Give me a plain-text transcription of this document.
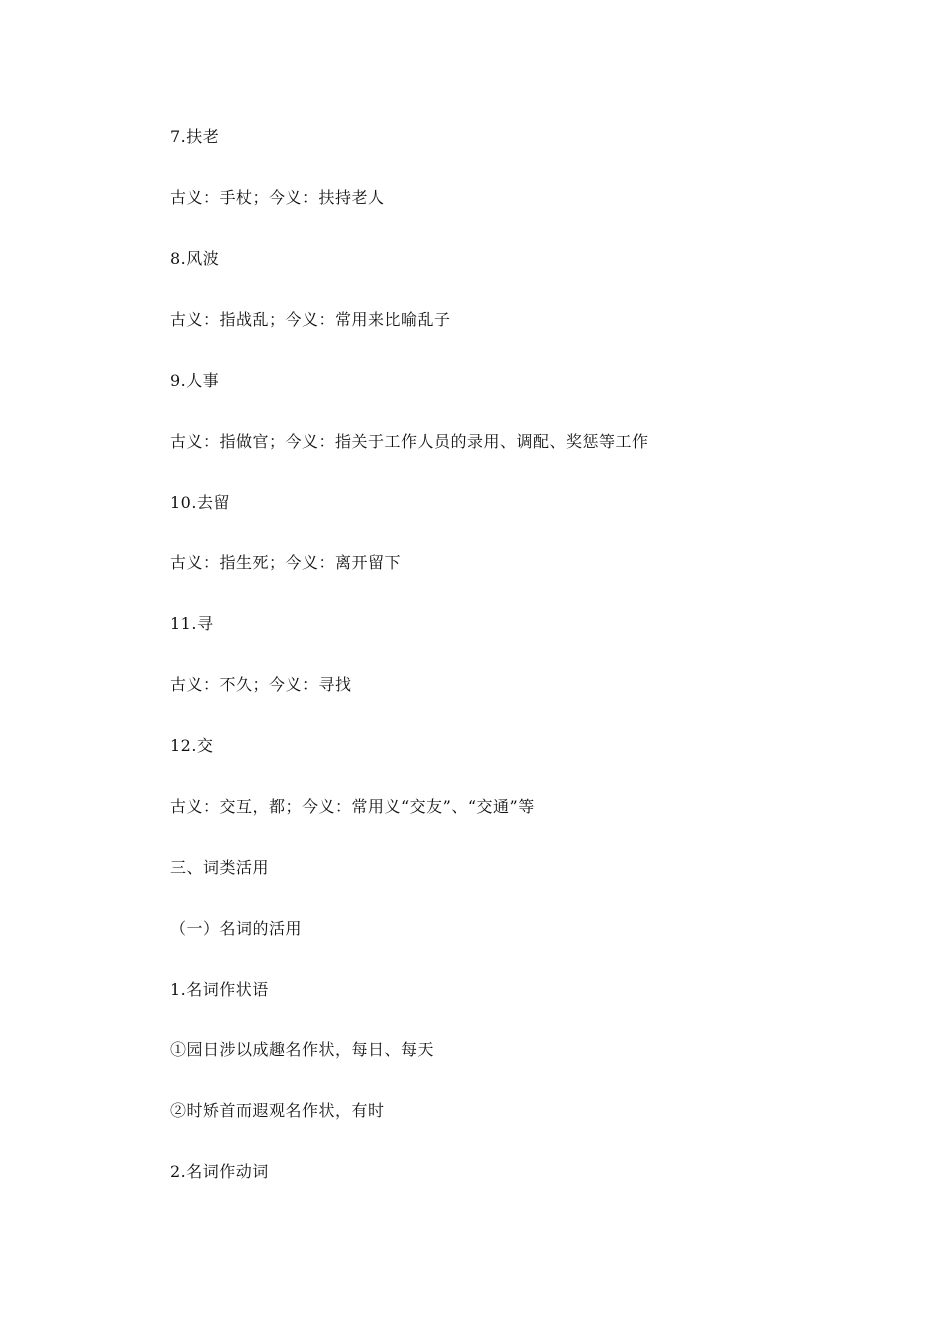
7.扶老
古义：手杖；今义：扶持老人
8.风波
古义：指战乱；今义：常用来比喻乱子
9.人事
古义：指做官；今义：指关于工作人员的录用、调配、奖惩等工作
10.去留
古义：指生死；今义：离开留下
11.寻
古义：不久；今义：寻找
12.交
古义：交互，都；今义：常用义“交友”、“交通”等
三、词类活用
（一）名词的活用
1.名词作状语
①园日涉以成趣名作状，每日、每天
②时矫首而遐观名作状，有时
2.名词作动词
